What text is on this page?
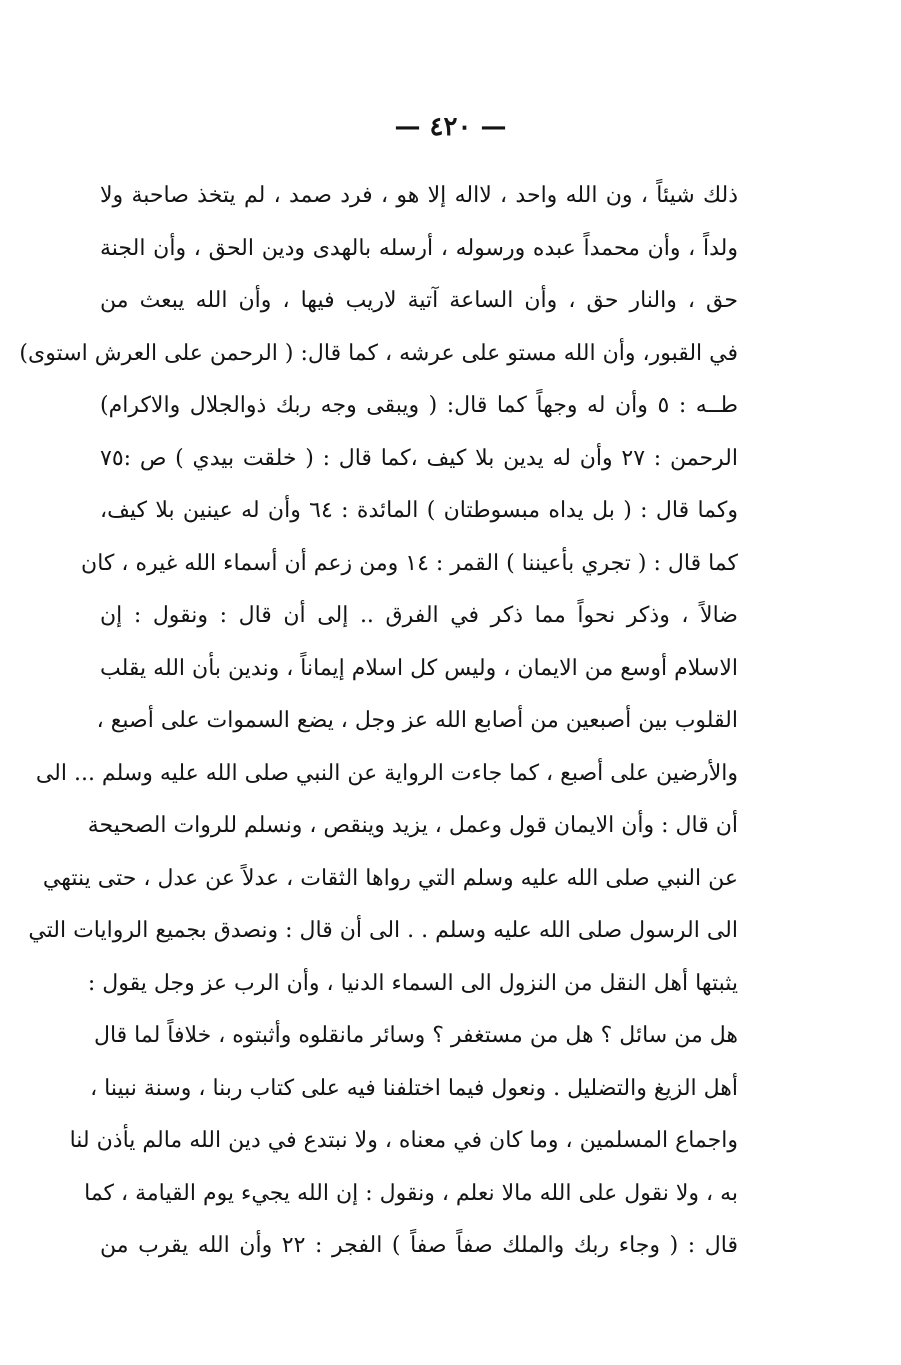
— ٤٢٠ —
ذلك شيئاً ، ون الله واحد ، لااله إلا هو ، فرد صمد ، لم يتخذ صاحبة ولا
ولداً ، وأن محمداً عبده ورسوله ، أرسله بالهدى ودين الحق ، وأن الجنة
حق ، والنار حق ، وأن الساعة آتية لاريب فيها ، وأن الله يبعث من
في القبور، وأن الله مستو على عرشه ، كما قال: ( الرحمن على العرش استوى)
طــه : ٥ وأن له وجهاً كما قال: ( ويبقى وجه ربك ذوالجلال والاكرام)
الرحمن : ٢٧ وأن له يدين بلا كيف ،كما قال : ( خلقت بيدي ) ص :٧٥
وكما قال : ( بل يداه مبسوطتان ) المائدة : ٦٤ وأن له عينين بلا كيف،
كما قال : ( تجري بأعيننا ) القمر : ١٤ ومن زعم أن أسماء الله غيره ، كان
ضالاً ، وذكر نحواً مما ذكر في الفرق .. إلى أن قال : ونقول : إن
الاسلام أوسع من الايمان ، وليس كل اسلام إيماناً ، وندين بأن الله يقلب
القلوب بين أصبعين من أصابع الله عز وجل ، يضع السموات على أصبع ،
والأرضين على أصبع ، كما جاءت الرواية عن النبي صلى الله عليه وسلم ... الى
أن قال : وأن الايمان قول وعمل ، يزيد وينقص ، ونسلم للروات الصحيحة
عن النبي صلى الله عليه وسلم التي رواها الثقات ، عدلاً عن عدل ، حتى ينتهي
الى الرسول صلى الله عليه وسلم . . الى أن قال : ونصدق بجميع الروايات التي
يثبتها أهل النقل من النزول الى السماء الدنيا ، وأن الرب عز وجل يقول :
هل من سائل ؟ هل من مستغفر ؟ وسائر مانقلوه وأثبتوه ، خلافاً لما قال
أهل الزيغ والتضليل . ونعول فيما اختلفنا فيه على كتاب ربنا ، وسنة نبينا ،
واجماع المسلمين ، وما كان في معناه ، ولا نبتدع في دين الله مالم يأذن لنا
به ، ولا نقول على الله مالا نعلم ، ونقول : إن الله يجيء يوم القيامة ، كما
قال : ( وجاء ربك والملك صفاً صفاً ) الفجر : ٢٢ وأن الله يقرب من
